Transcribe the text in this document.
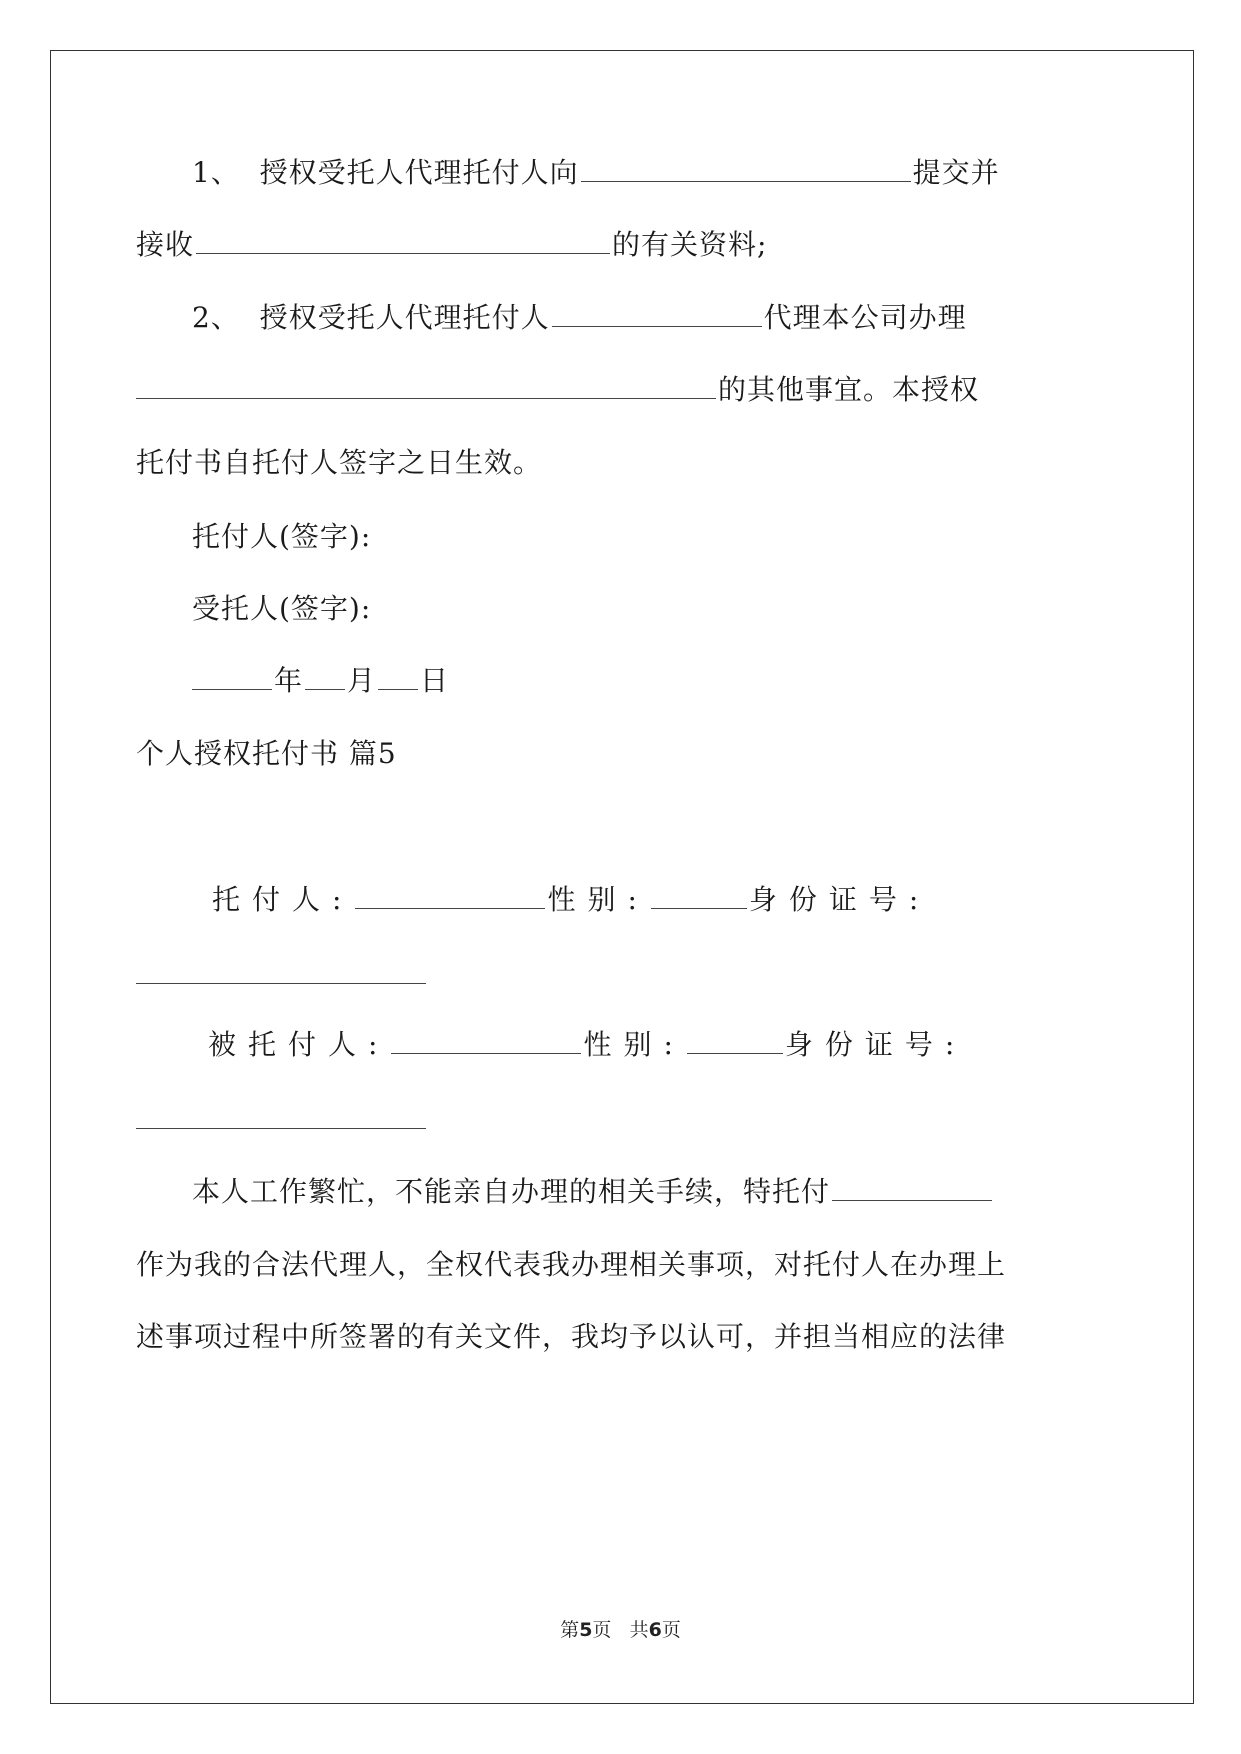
1、 授权受托人代理托付人向	提交并
接收	的有关资料;
2、 授权受托人代理托付人	代理本公司办理
的其他事宜。本授权
托付书自托付人签字之日生效。
托付人(签字):
受托人(签字):
年 月 日
个人授权托付书 篇5
托付人:	性别:	身份证号:
被托付人:	性别:	身份证号:
本人工作繁忙，不能亲自办理的相关手续，特托付
作为我的合法代理人，全权代表我办理相关事项，对托付人在办理上
述事项过程中所签署的有关文件，我均予以认可，并担当相应的法律
第5页 共6页
